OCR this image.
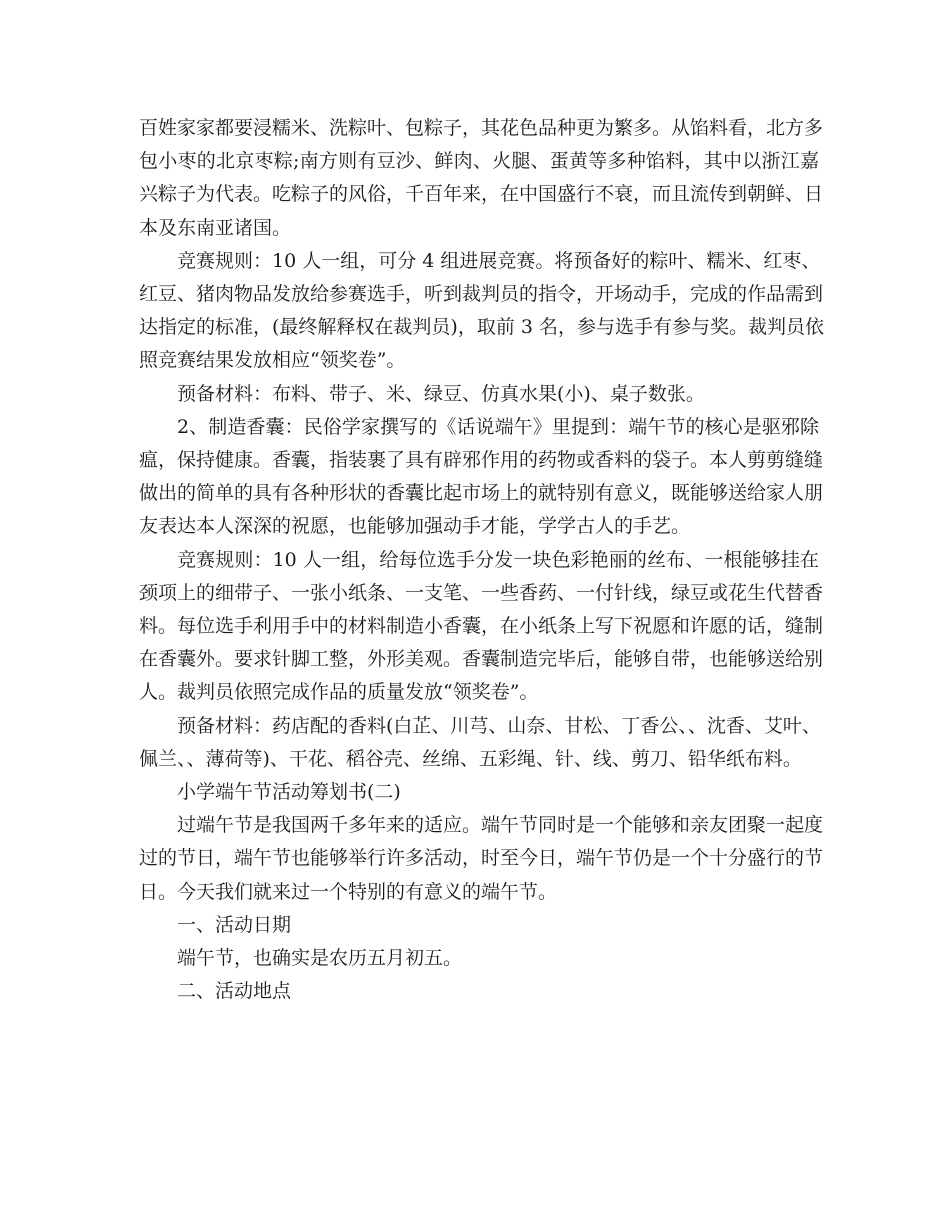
百姓家家都要浸糯米、洗粽叶、包粽子，其花色品种更为繁多。从馅料看，北方多
包小枣的北京枣粽;南方则有豆沙、鲜肉、火腿、蛋黄等多种馅料，其中以浙江嘉
兴粽子为代表。吃粽子的风俗，千百年来，在中国盛行不衰，而且流传到朝鲜、日
本及东南亚诸国。

竞赛规则：10 人一组，可分 4 组进展竞赛。将预备好的粽叶、糯米、红枣、
红豆、猪肉物品发放给参赛选手，听到裁判员的指令，开场动手，完成的作品需到
达指定的标准，(最终解释权在裁判员)，取前 3 名，参与选手有参与奖。裁判员依
照竞赛结果发放相应“领奖卷”。

预备材料：布料、带子、米、绿豆、仿真水果(小)、桌子数张。

2、制造香囊：民俗学家撰写的《话说端午》里提到：端午节的核心是驱邪除
瘟，保持健康。香囊，指装裹了具有辟邪作用的药物或香料的袋子。本人剪剪缝缝
做出的简单的具有各种形状的香囊比起市场上的就特别有意义，既能够送给家人朋
友表达本人深深的祝愿，也能够加强动手才能，学学古人的手艺。

竞赛规则：10 人一组，给每位选手分发一块色彩艳丽的丝布、一根能够挂在
颈项上的细带子、一张小纸条、一支笔、一些香药、一付针线，绿豆或花生代替香
料。每位选手利用手中的材料制造小香囊，在小纸条上写下祝愿和许愿的话，缝制
在香囊外。要求针脚工整，外形美观。香囊制造完毕后，能够自带，也能够送给别
人。裁判员依照完成作品的质量发放“领奖卷”。

预备材料：药店配的香料(白芷、川芎、山奈、甘松、丁香公、、沈香、艾叶、
佩兰、、薄荷等)、干花、稻谷壳、丝绵、五彩绳、针、线、剪刀、铅华纸布料。

小学端午节活动筹划书(二)

过端午节是我国两千多年来的适应。端午节同时是一个能够和亲友团聚一起度
过的节日，端午节也能够举行许多活动，时至今日，端午节仍是一个十分盛行的节
日。今天我们就来过一个特别的有意义的端午节。

一、活动日期

端午节，也确实是农历五月初五。

二、活动地点
